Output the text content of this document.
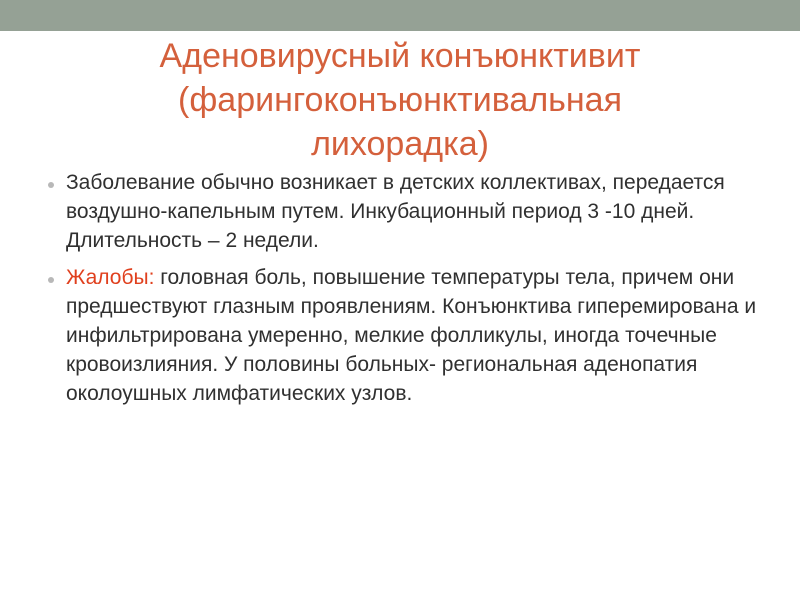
Аденовирусный конъюнктивит
(фарингоконъюнктивальная
лихорадка)
Заболевание обычно возникает в детских коллективах, передается воздушно-капельным путем. Инкубационный период 3 -10 дней. Длительность – 2 недели.
Жалобы: головная боль, повышение температуры тела, причем они предшествуют глазным проявлениям. Конъюнктива гиперемирована и инфильтрирована умеренно, мелкие фолликулы, иногда точечные кровоизлияния. У половины больных- региональная аденопатия околоушных лимфатических узлов.
